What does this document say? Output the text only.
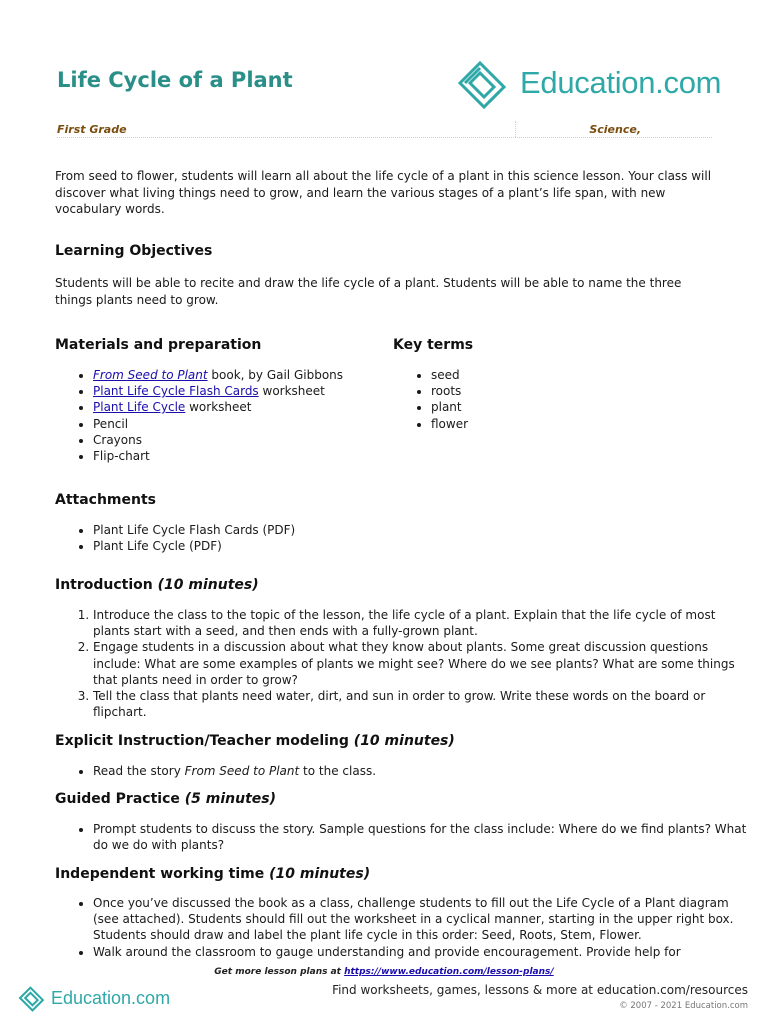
Life Cycle of a Plant	Education.com
First Grade	Science,
From seed to flower, students will learn all about the life cycle of a plant in this science lesson. Your class will discover what living things need to grow, and learn the various stages of a plant’s life span, with new vocabulary words.
Learning Objectives
Students will be able to recite and draw the life cycle of a plant. Students will be able to name the three things plants need to grow.
Materials and preparation
• From Seed to Plant book, by Gail Gibbons
• Plant Life Cycle Flash Cards worksheet
• Plant Life Cycle worksheet
• Pencil
• Crayons
• Flip-chart
Key terms
• seed
• roots
• plant
• flower
Attachments
• Plant Life Cycle Flash Cards (PDF)
• Plant Life Cycle (PDF)
Introduction (10 minutes)
1. Introduce the class to the topic of the lesson, the life cycle of a plant. Explain that the life cycle of most plants start with a seed, and then ends with a fully-grown plant.
2. Engage students in a discussion about what they know about plants. Some great discussion questions include: What are some examples of plants we might see? Where do we see plants? What are some things that plants need in order to grow?
3. Tell the class that plants need water, dirt, and sun in order to grow. Write these words on the board or flipchart.
Explicit Instruction/Teacher modeling (10 minutes)
• Read the story From Seed to Plant to the class.
Guided Practice (5 minutes)
• Prompt students to discuss the story. Sample questions for the class include: Where do we find plants? What do we do with plants?
Independent working time (10 minutes)
• Once you’ve discussed the book as a class, challenge students to fill out the Life Cycle of a Plant diagram (see attached). Students should fill out the worksheet in a cyclical manner, starting in the upper right box. Students should draw and label the plant life cycle in this order: Seed, Roots, Stem, Flower.
• Walk around the classroom to gauge understanding and provide encouragement. Provide help for
Get more lesson plans at https://www.education.com/lesson-plans/
Education.com	Find worksheets, games, lessons & more at education.com/resources
© 2007 - 2021 Education.com
